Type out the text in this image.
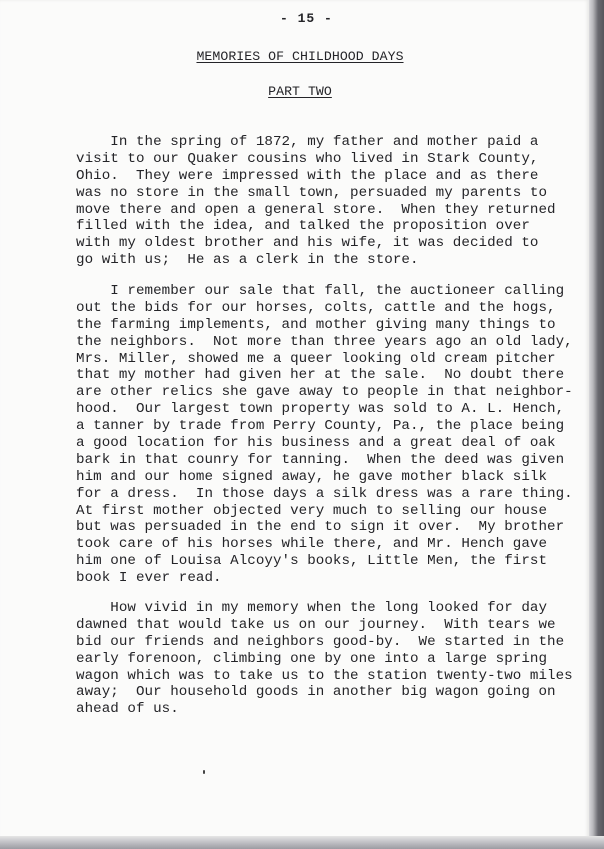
- 15 -
MEMORIES OF CHILDHOOD DAYS
PART TWO
In the spring of 1872, my father and mother paid a
visit to our Quaker cousins who lived in Stark County,
Ohio.  They were impressed with the place and as there
was no store in the small town, persuaded my parents to
move there and open a general store.  When they returned
filled with the idea, and talked the proposition over
with my oldest brother and his wife, it was decided to
go with us;  He as a clerk in the store.
I remember our sale that fall, the auctioneer calling
out the bids for our horses, colts, cattle and the hogs,
the farming implements, and mother giving many things to
the neighbors.  Not more than three years ago an old lady,
Mrs. Miller, showed me a queer looking old cream pitcher
that my mother had given her at the sale.  No doubt there
are other relics she gave away to people in that neighbor-
hood.  Our largest town property was sold to A. L. Hench,
a tanner by trade from Perry County, Pa., the place being
a good location for his business and a great deal of oak
bark in that counry for tanning.  When the deed was given
him and our home signed away, he gave mother black silk
for a dress.  In those days a silk dress was a rare thing.
At first mother objected very much to selling our house
but was persuaded in the end to sign it over.  My brother
took care of his horses while there, and Mr. Hench gave
him one of Louisa Alcoyy's books, Little Men, the first
book I ever read.
How vivid in my memory when the long looked for day
dawned that would take us on our journey.  With tears we
bid our friends and neighbors good-by.  We started in the
early forenoon, climbing one by one into a large spring
wagon which was to take us to the station twenty-two miles
away;  Our household goods in another big wagon going on
ahead of us.
